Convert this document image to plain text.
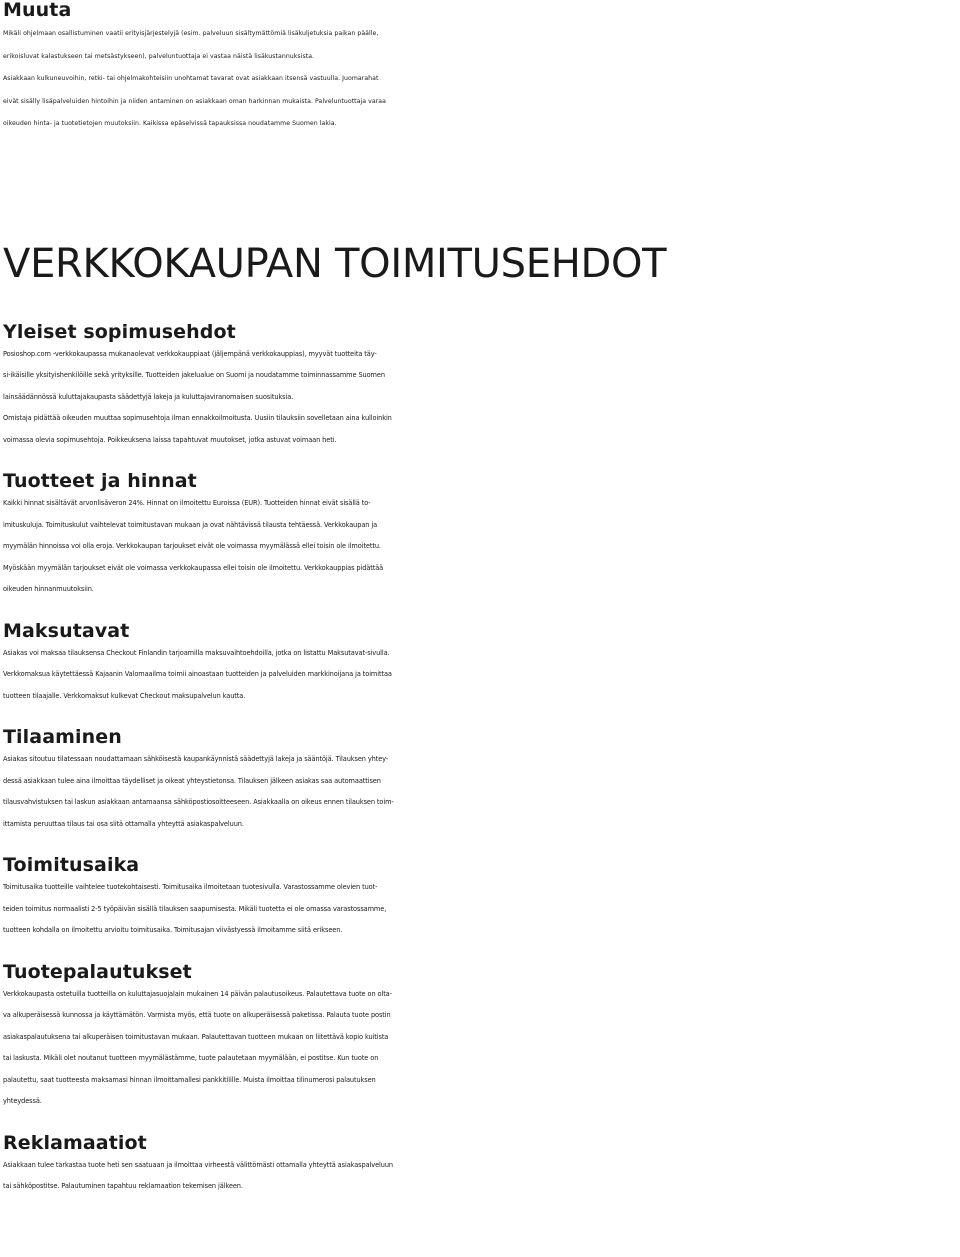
Muuta
Mikäli ohjelmaan osallistuminen vaatii erityisjärjestelyjä (esim. palveluun sisältymättömiä lisäkuljetuksia paikan päälle,
erikoisluvat kalastukseen tai metsästykseen), palveluntuottaja ei vastaa näistä lisäkustannuksista.
Asiakkaan kulkuneuvoihin, retki- tai ohjelmakohteisiin unohtamat tavarat ovat asiakkaan itsensä vastuulla. Juomarahat
eivät sisälly lisäpalveluiden hintoihin ja niiden antaminen on asiakkaan oman harkinnan mukaista. Palveluntuottaja varaa
oikeuden hinta- ja tuotetietojen muutoksiin. Kaikissa epäselvissä tapauksissa noudatamme Suomen lakia.
VERKKOKAUPAN TOIMITUSEHDOT
Yleiset sopimusehdot
Posioshop.com -verkkokaupassa mukanaolevat verkkokauppiaat (jäljempänä verkkokauppias), myyvät tuotteita täy-
si-ikäisille yksityishenkilöille sekä yrityksille. Tuotteiden jakelualue on Suomi ja noudatamme toiminnassamme Suomen
lainsäädännössä kuluttajakaupasta säädettyjä lakeja ja kuluttajaviranomaisen suosituksia.
Omistaja pidättää oikeuden muuttaa sopimusehtoja ilman ennakkoilmoitusta. Uusiin tilauksiin sovelletaan aina kulloinkin
voimassa olevia sopimusehtoja. Poikkeuksena laissa tapahtuvat muutokset, jotka astuvat voimaan heti.
Tuotteet ja hinnat
Kaikki hinnat sisältävät arvonlisäveron 24%. Hinnat on ilmoitettu Euroissa (EUR). Tuotteiden hinnat eivät sisällä to-
imituskuluja. Toimituskulut vaihtelevat toimitustavan mukaan ja ovat nähtävissä tilausta tehtäessä. Verkkokaupan ja
myymälän hinnoissa voi olla eroja. Verkkokaupan tarjoukset eivät ole voimassa myymälässä ellei toisin ole ilmoitettu.
Myöskään myymälän tarjoukset eivät ole voimassa verkkokaupassa ellei toisin ole ilmoitettu. Verkkokauppias pidättää
oikeuden hinnanmuutoksiin.
Maksutavat
Asiakas voi maksaa tilauksensa Checkout Finlandin tarjoamilla maksuvaihtoehdoilla, jotka on listattu Maksutavat-sivulla.
Verkkomaksua käytettäessä Kajaanin Valomaailma toimii ainoastaan tuotteiden ja palveluiden markkinoijana ja toimittaa
tuotteen tilaajalle. Verkkomaksut kulkevat Checkout maksupalvelun kautta.
Tilaaminen
Asiakas sitoutuu tilatessaan noudattamaan sähköisestä kaupankäynnistä säädettyjä lakeja ja sääntöjä. Tilauksen yhtey-
dessä asiakkaan tulee aina ilmoittaa täydelliset ja oikeat yhteystietonsa. Tilauksen jälkeen asiakas saa automaattisen
tilausvahvistuksen tai laskun asiakkaan antamaansa sähköpostiosoitteeseen. Asiakkaalla on oikeus ennen tilauksen toim-
ittamista peruuttaa tilaus tai osa siitä ottamalla yhteyttä asiakaspalveluun.
Toimitusaika
Toimitusaika tuotteille vaihtelee tuotekohtaisesti. Toimitusaika ilmoitetaan tuotesivulla. Varastossamme olevien tuot-
teiden toimitus normaalisti 2-5 työpäivän sisällä tilauksen saapumisesta. Mikäli tuotetta ei ole omassa varastossamme,
tuotteen kohdalla on ilmoitettu arvioitu toimitusaika. Toimitusajan viivästyessä ilmoitamme siitä erikseen.
Tuotepalautukset
Verkkokaupasta ostetuilla tuotteilla on kuluttajasuojalain mukainen 14 päivän palautusoikeus. Palautettava tuote on olta-
va alkuperäisessä kunnossa ja käyttämätön. Varmista myös, että tuote on alkuperäisessä paketissa. Palauta tuote postin
asiakaspalautuksena tai alkuperäisen toimitustavan mukaan. Palautettavan tuotteen mukaan on liitettävä kopio kuitista
tai laskusta. Mikäli olet noutanut tuotteen myymälästämme, tuote palautetaan myymälään, ei postitse. Kun tuote on
palautettu, saat tuotteesta maksamasi hinnan ilmoittamallesi pankkitilille. Muista ilmoittaa tilinumerosi palautuksen
yhteydessä.
Reklamaatiot
Asiakkaan tulee tarkastaa tuote heti sen saatuaan ja ilmoittaa virheestä välittömästi ottamalla yhteyttä asiakaspalveluun
tai sähköpostitse. Palautuminen tapahtuu reklamaation tekemisen jälkeen.
